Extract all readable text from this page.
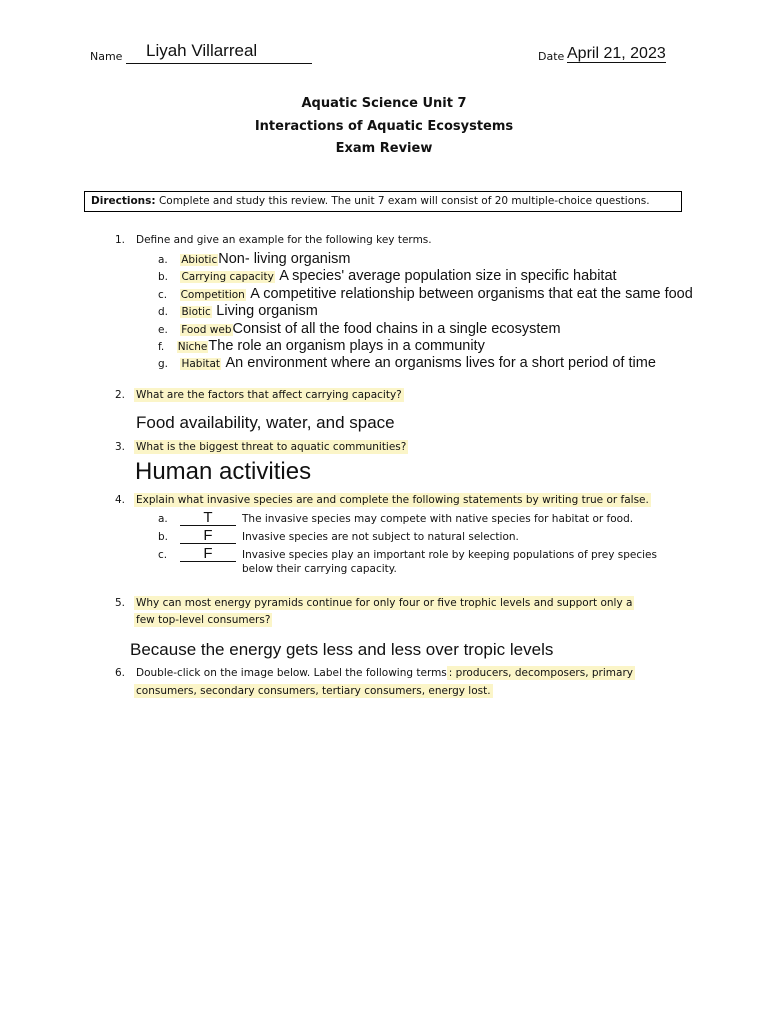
Name Liyah Villarreal	Date April 21, 2023
Aquatic Science Unit 7
Interactions of Aquatic Ecosystems
Exam Review
Directions: Complete and study this review. The unit 7 exam will consist of 20 multiple-choice questions.
1. Define and give an example for the following key terms.
a. AbioticNon- living organism
b. Carrying capacity A species' average population size in specific habitat
c. Competition A competitive relationship between organisms that eat the same food
d. Biotic Living organism
e. Food webConsist of all the food chains in a single ecosystem
f. NicheThe role an organism plays in a community
g. Habitat An environment where an organisms lives for a short period of time
2. What are the factors that affect carrying capacity?
Food availability, water, and space
3. What is the biggest threat to aquatic communities?
Human activities
4. Explain what invasive species are and complete the following statements by writing true or false.
a. T	The invasive species may compete with native species for habitat or food.
b. F	Invasive species are not subject to natural selection.
c. F	Invasive species play an important role by keeping populations of prey species
below their carrying capacity.
5. Why can most energy pyramids continue for only four or five trophic levels and support only a
few top-level consumers?
Because the energy gets less and less over tropic levels
6. Double-click on the image below. Label the following terms : producers, decomposers, primary
consumers, secondary consumers, tertiary consumers, energy lost.
